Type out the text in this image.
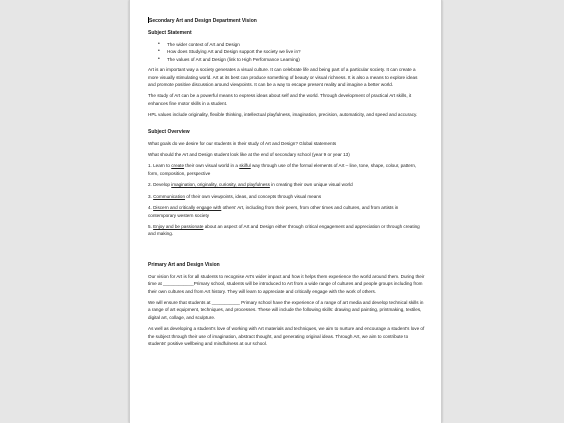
Secondary Art and Design Department Vision
Subject Statement
• The wider context of Art and Design
• How does Studying Art and Design support the society we live in?
• The values of Art and Design (link to High Performance Learning)

Art is an important way a society generates a visual culture. It can celebrate life and being part of a particular society. It can create a more visually stimulating world. Art at its best can produce something of beauty or visual richness. It is also a means to explore ideas and promote positive discussion around viewpoints. It can be a way to escape present reality and imagine a better world.

The study of Art can be a powerful means to express ideas about self and the world. Through development of practical Art skills, it enhances fine motor skills in a student.

HPL values include originality, flexible thinking, intellectual playfulness, imagination, precision, automaticity, and speed and accuracy.

Subject Overview

What goals do we desire for our students in their study of Art and Design? Global statements

What should the Art and Design student look like at the end of secondary school (year 9 or year 13)

1. Learn to create their own visual world in a skilful way through use of the formal elements of Art – line, tone, shape, colour, pattern, form, composition, perspective

2. Develop imagination, originality, curiosity, and playfulness in creating their own unique visual world

3. Communication of their own viewpoints, ideas, and concepts through visual means

4. Discern and critically engage with others' Art, including from their peers, from other times and cultures, and from artists in contemporary western society

5. Enjoy and be passionate about an aspect of Art and Design either through critical engagement and appreciation or through creating and making.

Primary Art and Design Vision

Our vision for Art is for all students to recognise Art's wider impact and how it helps them experience the world around them. During their time at ____________Primary school, students will be introduced to Art from a wide range of cultures and people groups including from their own cultures and from Art history. They will learn to appreciate and critically engage with the work of others.

We will ensure that students at ___________ Primary school have the experience of a range of art media and develop technical skills in a range of art equipment, techniques, and processes. These will include the following skills: drawing and painting, printmaking, textiles, digital art, collage, and sculpture.

As well as developing a student's love of working with Art materials and techniques, we aim to nurture and encourage a student's love of the subject through their use of imagination, abstract thought, and generating original ideas. Through Art, we aim to contribute to students' positive wellbeing and mindfulness at our school.
